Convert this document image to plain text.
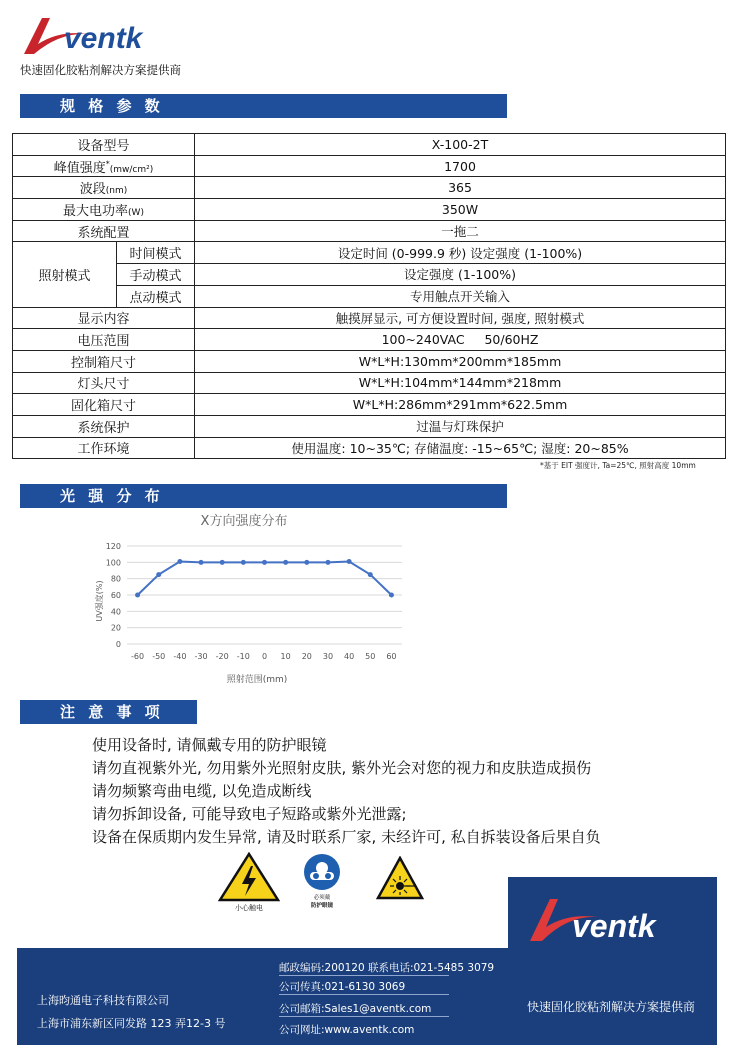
ventk
快速固化胶粘剂解决方案提供商
规 格 参 数
设备型号		X-100-2T
峰值强度*(mw/cm²)		1700
波段(nm)		365
最大电功率(W)		350W
系统配置		一拖二
照射模式	时间模式	设定时间 (0-999.9 秒) 设定强度 (1-100%)
	手动模式	设定强度 (1-100%)
	点动模式	专用触点开关输入
显示内容		触摸屏显示, 可方便设置时间, 强度, 照射模式
电压范围		100~240VAC     50/60HZ
控制箱尺寸		W*L*H:130mm*200mm*185mm
灯头尺寸		W*L*H:104mm*144mm*218mm
固化箱尺寸		W*L*H:286mm*291mm*622.5mm
系统保护		过温与灯珠保护
工作环境		使用温度: 10~35℃; 存储温度: -15~65℃; 湿度: 20~85%
*基于 EIT 强度计, Ta=25℃, 照射高度 10mm
光 强 分 布
X方向强度分布
0
20
40
60
80
100
120
-60 -50 -40 -30 -20 -10 0 10 20 30 40 50 60
UV强度(%)
照射范围(mm)
注 意 事 项
使用设备时, 请佩戴专用的防护眼镜
请勿直视紫外光, 勿用紫外光照射皮肤, 紫外光会对您的视力和皮肤造成损伤
请勿频繁弯曲电缆, 以免造成断线
请勿拆卸设备, 可能导致电子短路或紫外光泄露;
设备在保质期内发生异常, 请及时联系厂家, 未经许可, 私自拆装设备后果自负
小心触电
必须戴
防护眼镜
ventk
上海昀通电子科技有限公司
上海市浦东新区同发路 123 弄12-3 号
邮政编码:200120 联系电话:021-5485 3079
公司传真:021-6130 3069
公司邮箱:Sales1@aventk.com
公司网址:www.aventk.com
快速固化胶粘剂解决方案提供商
